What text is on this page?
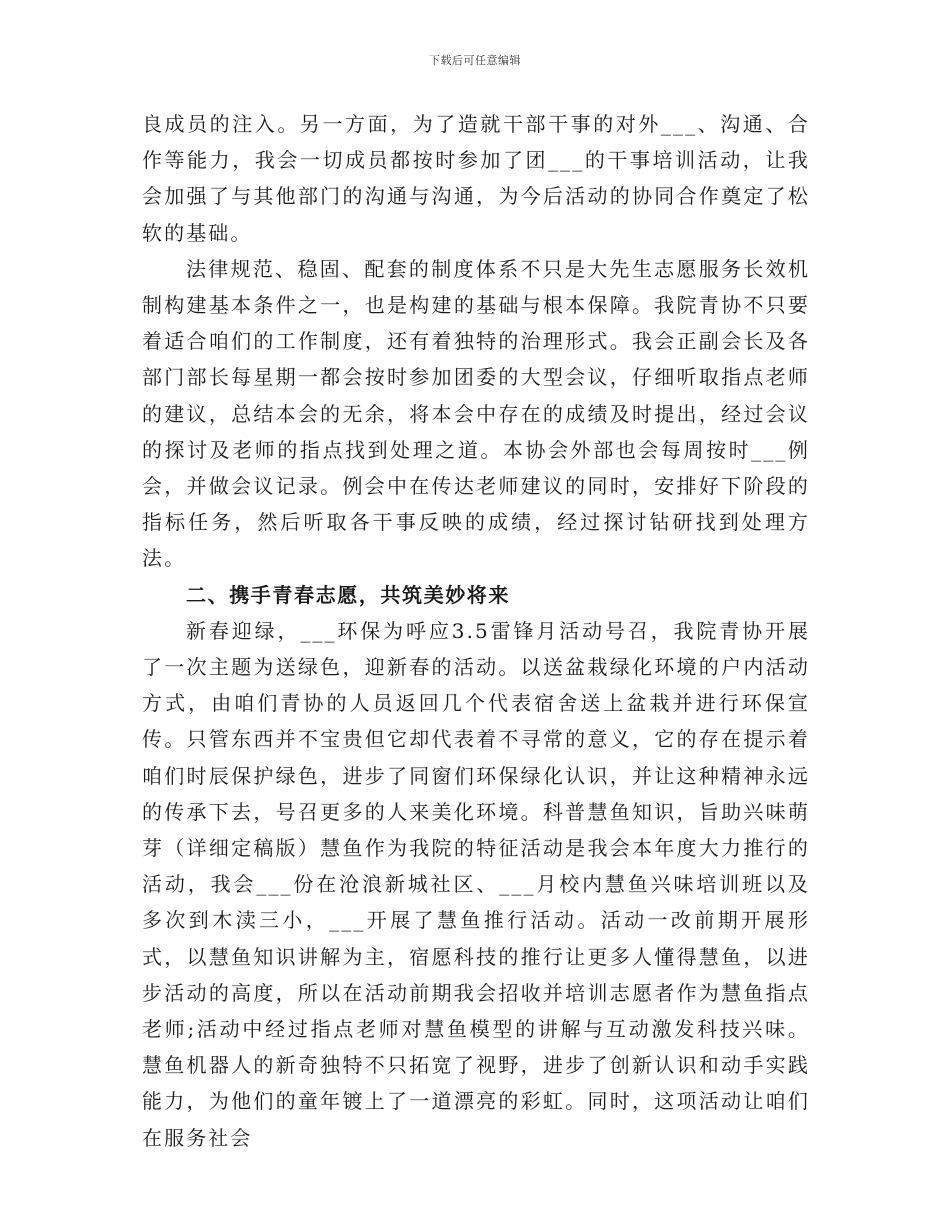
下载后可任意编辑

良成员的注入。另一方面，为了造就干部干事的对外___、沟通、合作等能力，我会一切成员都按时参加了团___的干事培训活动，让我会加强了与其他部门的沟通与沟通，为今后活动的协同合作奠定了松软的基础。

法律规范、稳固、配套的制度体系不只是大先生志愿服务长效机制构建基本条件之一，也是构建的基础与根本保障。我院青协不只要着适合咱们的工作制度，还有着独特的治理形式。我会正副会长及各部门部长每星期一都会按时参加团委的大型会议，仔细听取指点老师的建议，总结本会的无余，将本会中存在的成绩及时提出，经过会议的探讨及老师的指点找到处理之道。本协会外部也会每周按时___例会，并做会议记录。例会中在传达老师建议的同时，安排好下阶段的指标任务，然后听取各干事反映的成绩，经过探讨钻研找到处理方法。

二、携手青春志愿，共筑美妙将来

新春迎绿，___环保为呼应3.5雷锋月活动号召，我院青协开展了一次主题为送绿色，迎新春的活动。以送盆栽绿化环境的户内活动方式，由咱们青协的人员返回几个代表宿舍送上盆栽并进行环保宣传。只管东西并不宝贵但它却代表着不寻常的意义，它的存在提示着咱们时辰保护绿色，进步了同窗们环保绿化认识，并让这种精神永远的传承下去，号召更多的人来美化环境。科普慧鱼知识，旨助兴味萌芽（详细定稿版）慧鱼作为我院的特征活动是我会本年度大力推行的活动，我会___份在沧浪新城社区、___月校内慧鱼兴味培训班以及多次到木渎三小，___开展了慧鱼推行活动。活动一改前期开展形式，以慧鱼知识讲解为主，宿愿科技的推行让更多人懂得慧鱼，以进步活动的高度，所以在活动前期我会招收并培训志愿者作为慧鱼指点老师;活动中经过指点老师对慧鱼模型的讲解与互动激发科技兴味。慧鱼机器人的新奇独特不只拓宽了视野，进步了创新认识和动手实践能力，为他们的童年镀上了一道漂亮的彩虹。同时，这项活动让咱们在服务社会
